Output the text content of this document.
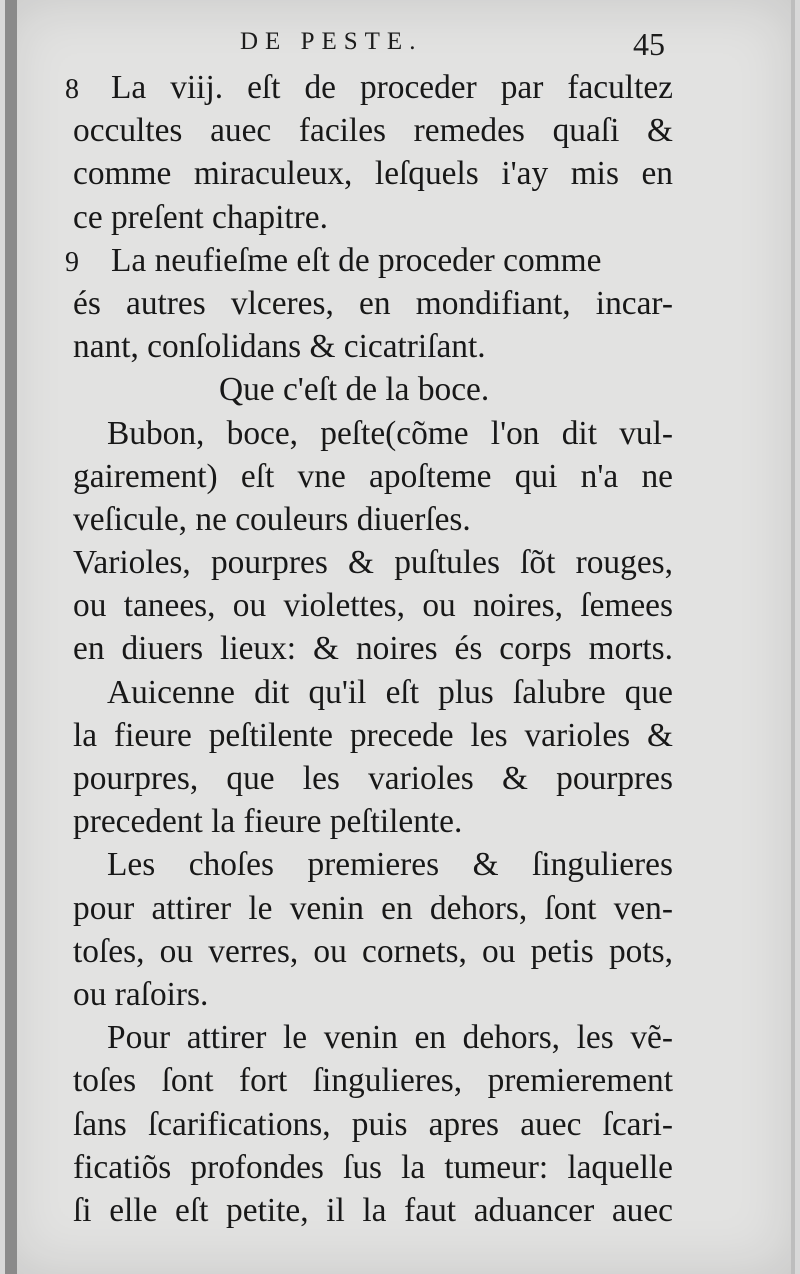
DE PESTE.	45
8 La viij. eſt de proceder par facultez
occultes auec faciles remedes quaſi &
comme miraculeux, leſquels i'ay mis en
ce preſent chapitre.
9 La neufieſme eſt de proceder comme
és autres vlceres, en mondifiant, incar-
nant, conſolidans & cicatriſant.
Que c'eſt de la boce.
Bubon, boce, peſte(cõme l'on dit vul-
gairement) eſt vne apoſteme qui n'a ne
veſicule, ne couleurs diuerſes.
Varioles, pourpres & puſtules ſõt rouges,
ou tanees, ou violettes, ou noires, ſemees
en diuers lieux: & noires és corps morts.
Auicenne dit qu'il eſt plus ſalubre que
la fieure peſtilente precede les varioles &
pourpres, que les varioles & pourpres
precedent la fieure peſtilente.
Les choſes premieres & ſingulieres
pour attirer le venin en dehors, ſont ven-
toſes, ou verres, ou cornets, ou petis pots,
ou raſoirs.
Pour attirer le venin en dehors, les vẽ-
toſes ſont fort ſingulieres, premierement
ſans ſcarifications, puis apres auec ſcari-
ficatiõs profondes ſus la tumeur: laquelle
ſi elle eſt petite, il la faut aduancer auec
